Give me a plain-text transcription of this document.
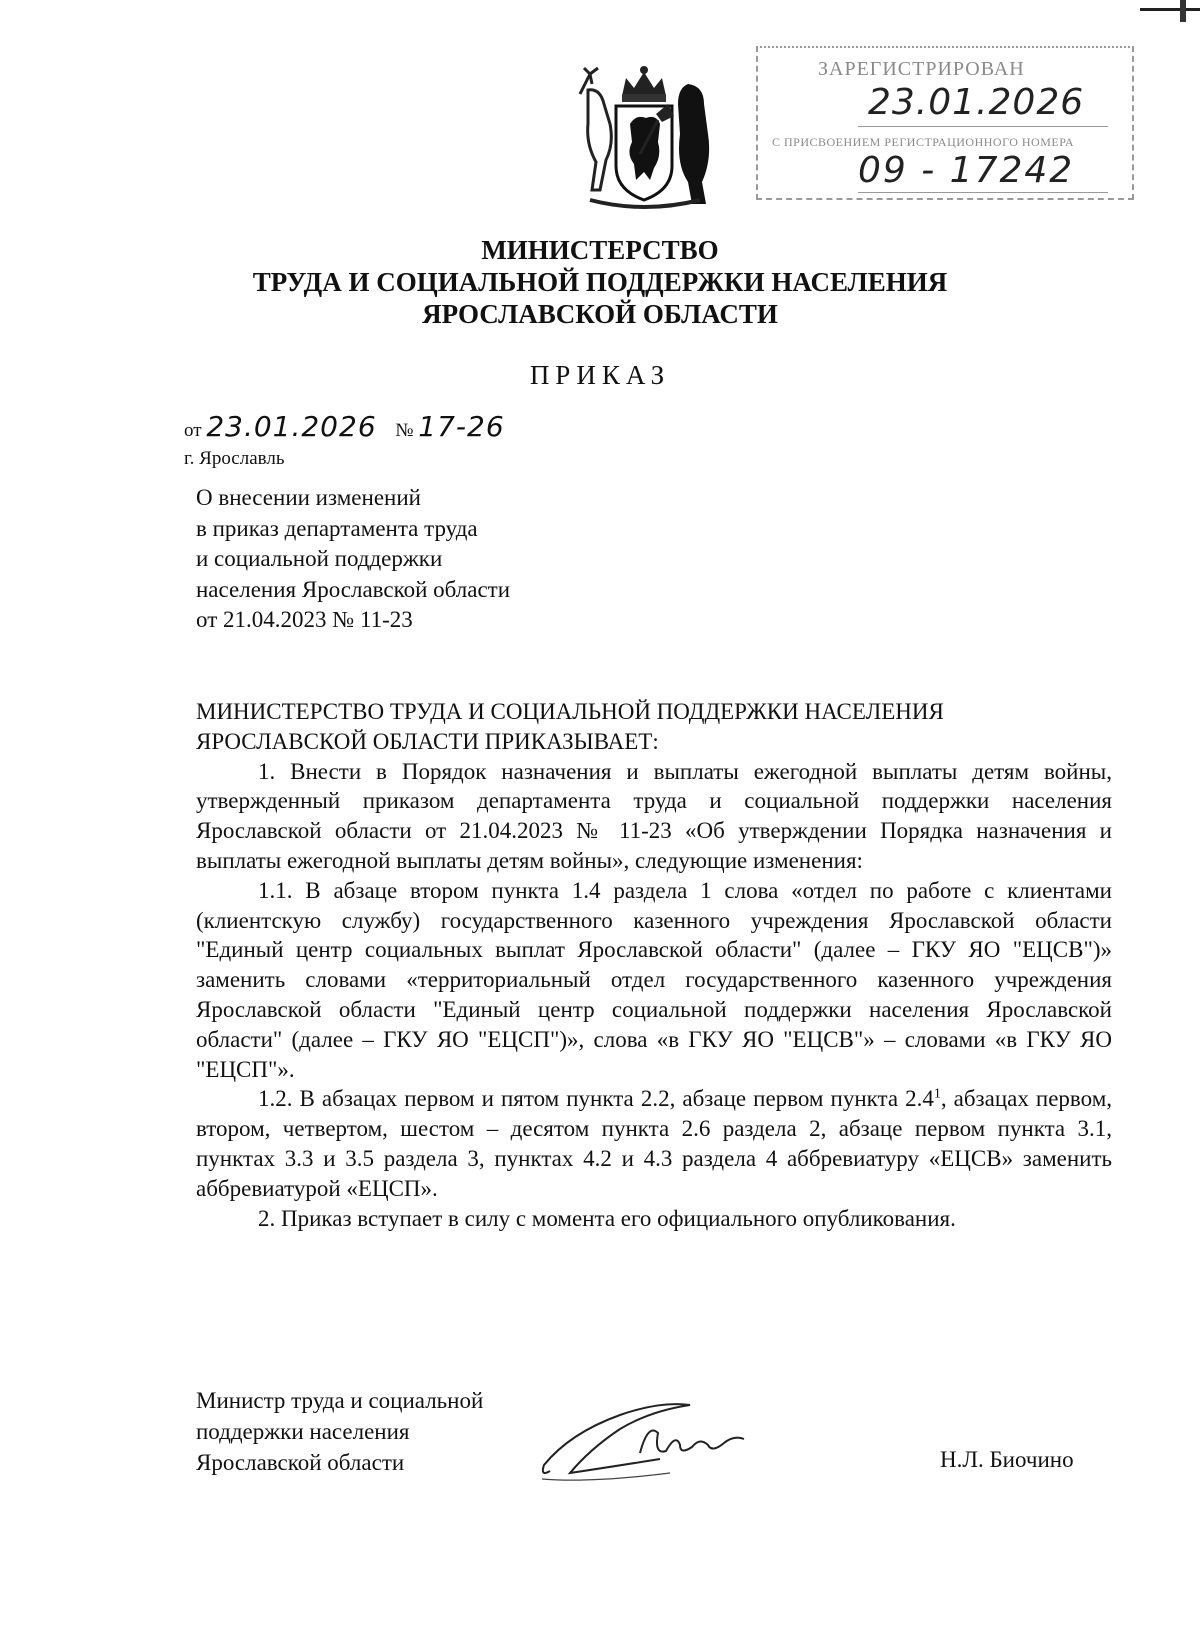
ЗАРЕГИСТРИРОВАН
23.01.2026
С ПРИСВОЕНИЕМ РЕГИСТРАЦИОННОГО НОМЕРА
09 - 17242
МИНИСТЕРСТВО
ТРУДА И СОЦИАЛЬНОЙ ПОДДЕРЖКИ НАСЕЛЕНИЯ
ЯРОСЛАВСКОЙ ОБЛАСТИ
ПРИКАЗ
от 23.01.2026 № 17-26
г. Ярославль
О внесении изменений
в приказ департамента труда
и социальной поддержки
населения Ярославской области
от 21.04.2023 № 11-23

МИНИСТЕРСТВО ТРУДА И СОЦИАЛЬНОЙ ПОДДЕРЖКИ НАСЕЛЕНИЯ ЯРОСЛАВСКОЙ ОБЛАСТИ ПРИКАЗЫВАЕТ:

1. Внести в Порядок назначения и выплаты ежегодной выплаты детям войны, утвержденный приказом департамента труда и социальной поддержки населения Ярославской области от 21.04.2023 № 11-23 «Об утверждении Порядка назначения и выплаты ежегодной выплаты детям войны», следующие изменения:

1.1. В абзаце втором пункта 1.4 раздела 1 слова «отдел по работе с клиентами (клиентскую службу) государственного казенного учреждения Ярославской области "Единый центр социальных выплат Ярославской области" (далее – ГКУ ЯО "ЕЦСВ")» заменить словами «территориальный отдел государственного казенного учреждения Ярославской области "Единый центр социальной поддержки населения Ярославской области" (далее – ГКУ ЯО "ЕЦСП")», слова «в ГКУ ЯО "ЕЦСВ"» – словами «в ГКУ ЯО "ЕЦСП"».

1.2. В абзацах первом и пятом пункта 2.2, абзаце первом пункта $2.4^1$, абзацах первом, втором, четвертом, шестом – десятом пункта 2.6 раздела 2, абзаце первом пункта 3.1, пунктах 3.3 и 3.5 раздела 3, пунктах 4.2 и 4.3 раздела 4 аббревиатуру «ЕЦСВ» заменить аббревиатурой «ЕЦСП».

2. Приказ вступает в силу с момента его официального опубликования.

Министр труда и социальной
поддержки населения
Ярославской области	Н.Л. Биочино
